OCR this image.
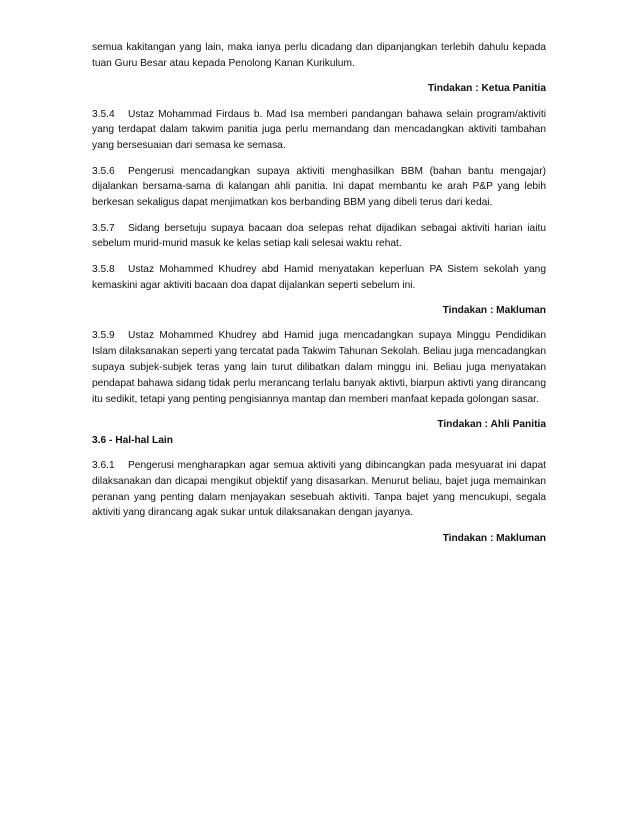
semua kakitangan yang lain, maka ianya perlu dicadang dan dipanjangkan terlebih dahulu kepada tuan Guru Besar atau kepada Penolong Kanan Kurikulum.

Tindakan : Ketua Panitia

3.5.4 Ustaz Mohammad Firdaus b. Mad Isa memberi pandangan bahawa selain program/aktiviti yang terdapat dalam takwim panitia juga perlu memandang dan mencadangkan aktiviti tambahan yang bersesuaian dari semasa ke semasa.

3.5.6 Pengerusi mencadangkan supaya aktiviti menghasilkan BBM (bahan bantu mengajar) dijalankan bersama-sama di kalangan ahli panitia. Ini dapat membantu ke arah P&P yang lebih berkesan sekaligus dapat menjimatkan kos berbanding BBM yang dibeli terus dari kedai.

3.5.7 Sidang bersetuju supaya bacaan doa selepas rehat dijadikan sebagai aktiviti harian iaitu sebelum murid-murid masuk ke kelas setiap kali selesai waktu rehat.

3.5.8 Ustaz Mohammed Khudrey abd Hamid menyatakan keperluan PA Sistem sekolah yang kemaskini agar aktiviti bacaan doa dapat dijalankan seperti sebelum ini.

Tindakan : Makluman

3.5.9 Ustaz Mohammed Khudrey abd Hamid juga mencadangkan supaya Minggu Pendidikan Islam dilaksanakan seperti yang tercatat pada Takwim Tahunan Sekolah. Beliau juga mencadangkan supaya subjek-subjek teras yang lain turut dilibatkan dalam minggu ini. Beliau juga menyatakan pendapat bahawa sidang tidak perlu merancang terlalu banyak aktivti, biarpun aktivti yang dirancang itu sedikit, tetapi yang penting pengisiannya mantap dan memberi manfaat kepada golongan sasar.

Tindakan : Ahli Panitia
3.6 - Hal-hal Lain

3.6.1 Pengerusi mengharapkan agar semua aktiviti yang dibincangkan pada mesyuarat ini dapat dilaksanakan dan dicapai mengikut objektif yang disasarkan. Menurut beliau, bajet juga memainkan peranan yang penting dalam menjayakan sesebuah aktiviti. Tanpa bajet yang mencukupi, segala aktiviti yang dirancang agak sukar untuk dilaksanakan dengan jayanya.

Tindakan : Makluman
